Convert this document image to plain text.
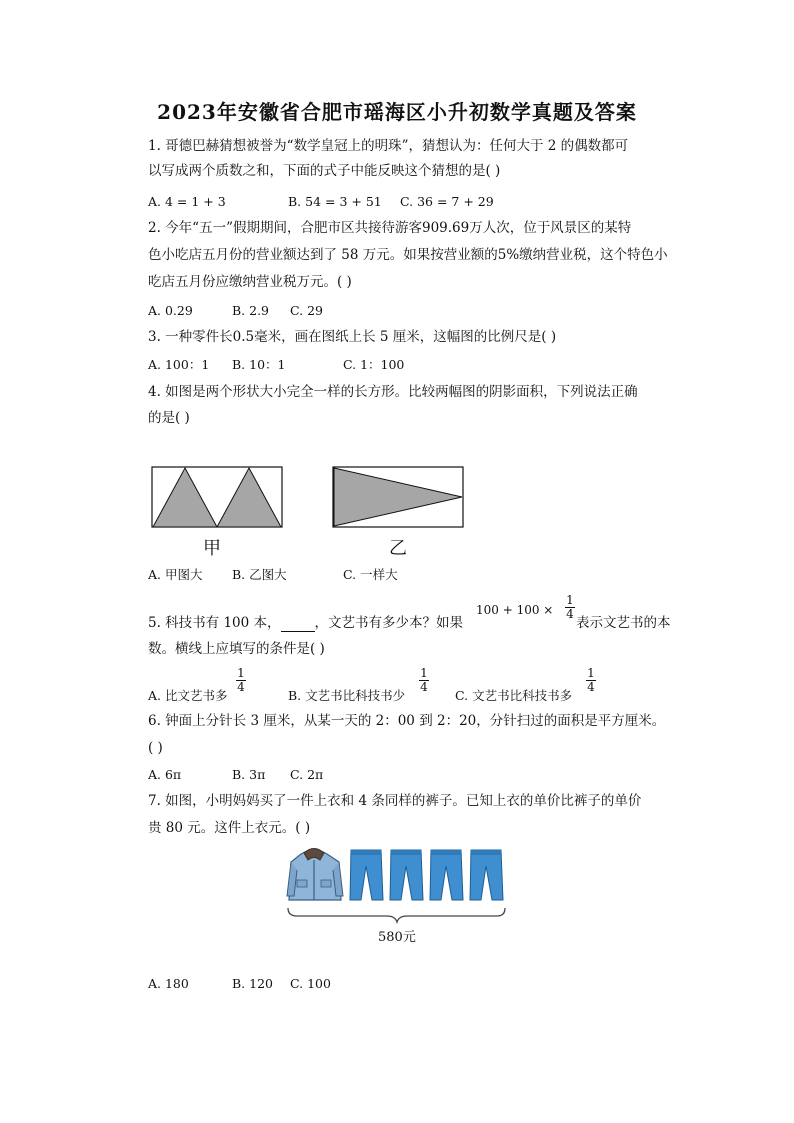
2023年安徽省合肥市瑶海区小升初数学真题及答案
1. 哥德巴赫猜想被誉为“数学皇冠上的明珠”，猜想认为：任何大于 2 的偶数都可
以写成两个质数之和，下面的式子中能反映这个猜想的是( )
A. 4 = 1 + 3	B. 54 = 3 + 51 C. 36 = 7 + 29
2. 今年“五一”假期期间，合肥市区共接待游客909.69万人次，位于风景区的某特
色小吃店五月份的营业额达到了 58 万元。如果按营业额的5%缴纳营业税，这个特色小
吃店五月份应缴纳营业税万元。( )
A. 0.29	B. 2.9 C. 29
3. 一种零件长0.5毫米，画在图纸上长 5 厘米，这幅图的比例尺是( )
A. 100：1 B. 10：1	C. 1：100
4. 如图是两个形状大小完全一样的长方形。比较两幅图的阴影面积，下列说法正确
的是( )
甲	乙
A. 甲图大 B. 乙图大	C. 一样大
5. 科技书有 100 本，	，文艺书有多少本？如果
100 + 100 ×
1
4
表示文艺书的本
数。横线上应填写的条件是( )
A. 比文艺书多
1
4
B. 文艺书比科技书少
1
4
C. 文艺书比科技书多
1
4
6. 钟面上分针长 3 厘米，从某一天的 2：00 到 2：20，分针扫过的面积是平方厘米。
( )
A. 6π	B. 3π C. 2π
7. 如图，小明妈妈买了一件上衣和 4 条同样的裤子。已知上衣的单价比裤子的单价
贵 80 元。这件上衣元。( )
580元
A. 180	B. 120 C. 100
